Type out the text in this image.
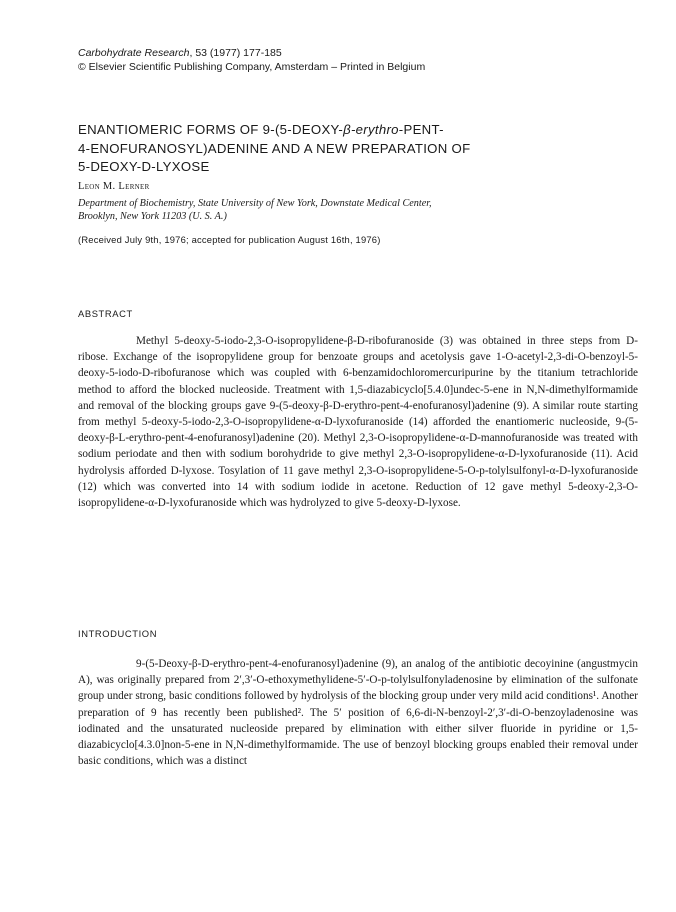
Carbohydrate Research, 53 (1977) 177-185
© Elsevier Scientific Publishing Company, Amsterdam – Printed in Belgium
ENANTIOMERIC FORMS OF 9-(5-DEOXY-β-erythro-PENT-
4-ENOFURANOSYL)ADENINE AND A NEW PREPARATION OF
5-DEOXY-D-LYXOSE
Leon M. Lerner
Department of Biochemistry, State University of New York, Downstate Medical Center,
Brooklyn, New York 11203 (U. S. A.)
(Received July 9th, 1976; accepted for publication August 16th, 1976)
ABSTRACT
Methyl 5-deoxy-5-iodo-2,3-O-isopropylidene-β-D-ribofuranoside (3) was obtained in three steps from D-ribose. Exchange of the isopropylidene group for benzoate groups and acetolysis gave 1-O-acetyl-2,3-di-O-benzoyl-5-deoxy-5-iodo-D-ribofuranose which was coupled with 6-benzamidochloromercuripurine by the titanium tetrachloride method to afford the blocked nucleoside. Treatment with 1,5-diazabicyclo[5.4.0]undec-5-ene in N,N-dimethylformamide and removal of the blocking groups gave 9-(5-deoxy-β-D-erythro-pent-4-enofuranosyl)adenine (9). A similar route starting from methyl 5-deoxy-5-iodo-2,3-O-isopropylidene-α-D-lyxofuranoside (14) afforded the enantiomeric nucleoside, 9-(5-deoxy-β-L-erythro-pent-4-enofuranosyl)adenine (20). Methyl 2,3-O-isopropylidene-α-D-mannofuranoside was treated with sodium periodate and then with sodium borohydride to give methyl 2,3-O-isopropylidene-α-D-lyxofuranoside (11). Acid hydrolysis afforded D-lyxose. Tosylation of 11 gave methyl 2,3-O-isopropylidene-5-O-p-tolylsulfonyl-α-D-lyxofuranoside (12) which was converted into 14 with sodium iodide in acetone. Reduction of 12 gave methyl 5-deoxy-2,3-O-isopropylidene-α-D-lyxofuranoside which was hydrolyzed to give 5-deoxy-D-lyxose.
INTRODUCTION
9-(5-Deoxy-β-D-erythro-pent-4-enofuranosyl)adenine (9), an analog of the antibiotic decoyinine (angustmycin A), was originally prepared from 2′,3′-O-ethoxymethylidene-5′-O-p-tolylsulfonyladenosine by elimination of the sulfonate group under strong, basic conditions followed by hydrolysis of the blocking group under very mild acid conditions¹. Another preparation of 9 has recently been published². The 5′ position of 6,6-di-N-benzoyl-2′,3′-di-O-benzoyladenosine was iodinated and the unsaturated nucleoside prepared by elimination with either silver fluoride in pyridine or 1,5-diazabicyclo[4.3.0]non-5-ene in N,N-dimethylformamide. The use of benzoyl blocking groups enabled their removal under basic conditions, which was a distinct
